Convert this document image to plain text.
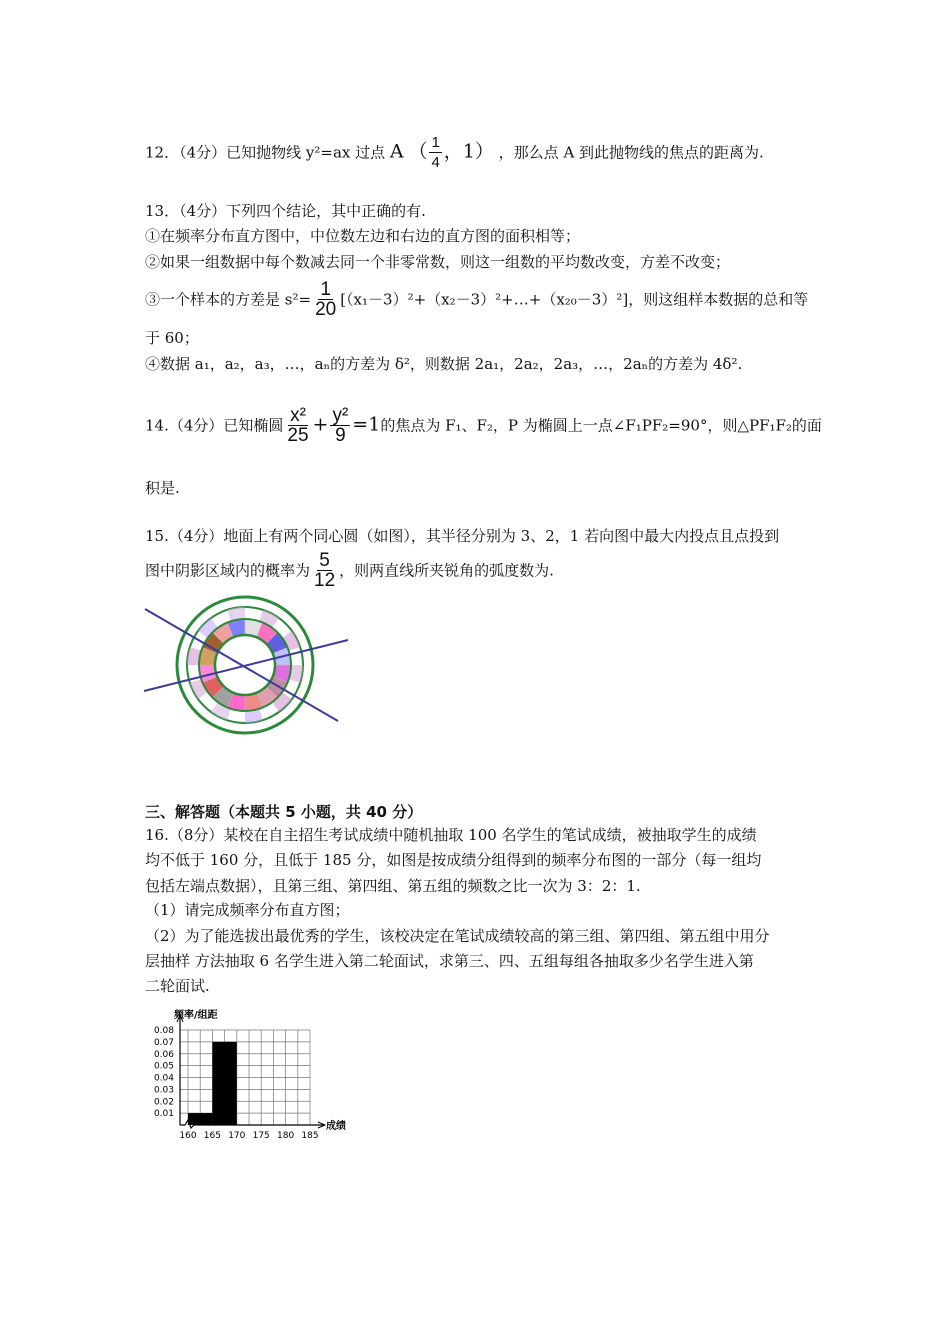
12．（4分）已知抛物线 y²=ax 过点 A （ $\frac{1}{4}$ ，1） ，那么点 A 到此抛物线的焦点的距离为.
13．（4分）下列四个结论，其中正确的有.
①在频率分布直方图中，中位数左边和右边的直方图的面积相等；
②如果一组数据中每个数减去同一个非零常数，则这一组数的平均数改变，方差不改变；
③一个样本的方差是 $s^2= \frac{1}{20}$ [（x₁－3）²+（x₂－3）²+…+（x₂₀－3）²]，则这组样本数据的总和等
于 60；
④数据 a₁，a₂，a₃，…，aₙ的方差为 δ²，则数据 2a₁，2a₂，2a₃，…，2aₙ的方差为 4δ².
14.（4分）已知椭圆 $\frac{\text{x²}}{25} + \frac{\text{y²}}{9} =1$的焦点为 F₁、F₂，P 为椭圆上一点∠F₁PF₂=90°，则△PF₁F₂的面
积是.
15.（4分）地面上有两个同心圆（如图），其半径分别为 3、2，1 若向图中最大内投点且点投到
图中阴影区域内的概率为 $\frac{5}{12}$ ，则两直线所夹锐角的弧度数为.
三、解答题（本题共 5 小题，共 40 分）
16.（8分）某校在自主招生考试成绩中随机抽取 100 名学生的笔试成绩，被抽取学生的成绩
均不低于 160 分，且低于 185 分，如图是按成绩分组得到的频率分布图的一部分（每一组均
包括左端点数据），且第三组、第四组、第五组的频数之比一次为 3：2：1.
（1）请完成频率分布直方图；
（2）为了能选拔出最优秀的学生，该校决定在笔试成绩较高的第三组、第四组、第五组中用分
层抽样 方法抽取 6 名学生进入第二轮面试，求第三、四、五组每组各抽取多少名学生进入第
二轮面试.
0.08
0.07
0.06
0.05
0.04
0.03
0.02
0.01
160 165 170 175 180 185
频率/组距
成绩
